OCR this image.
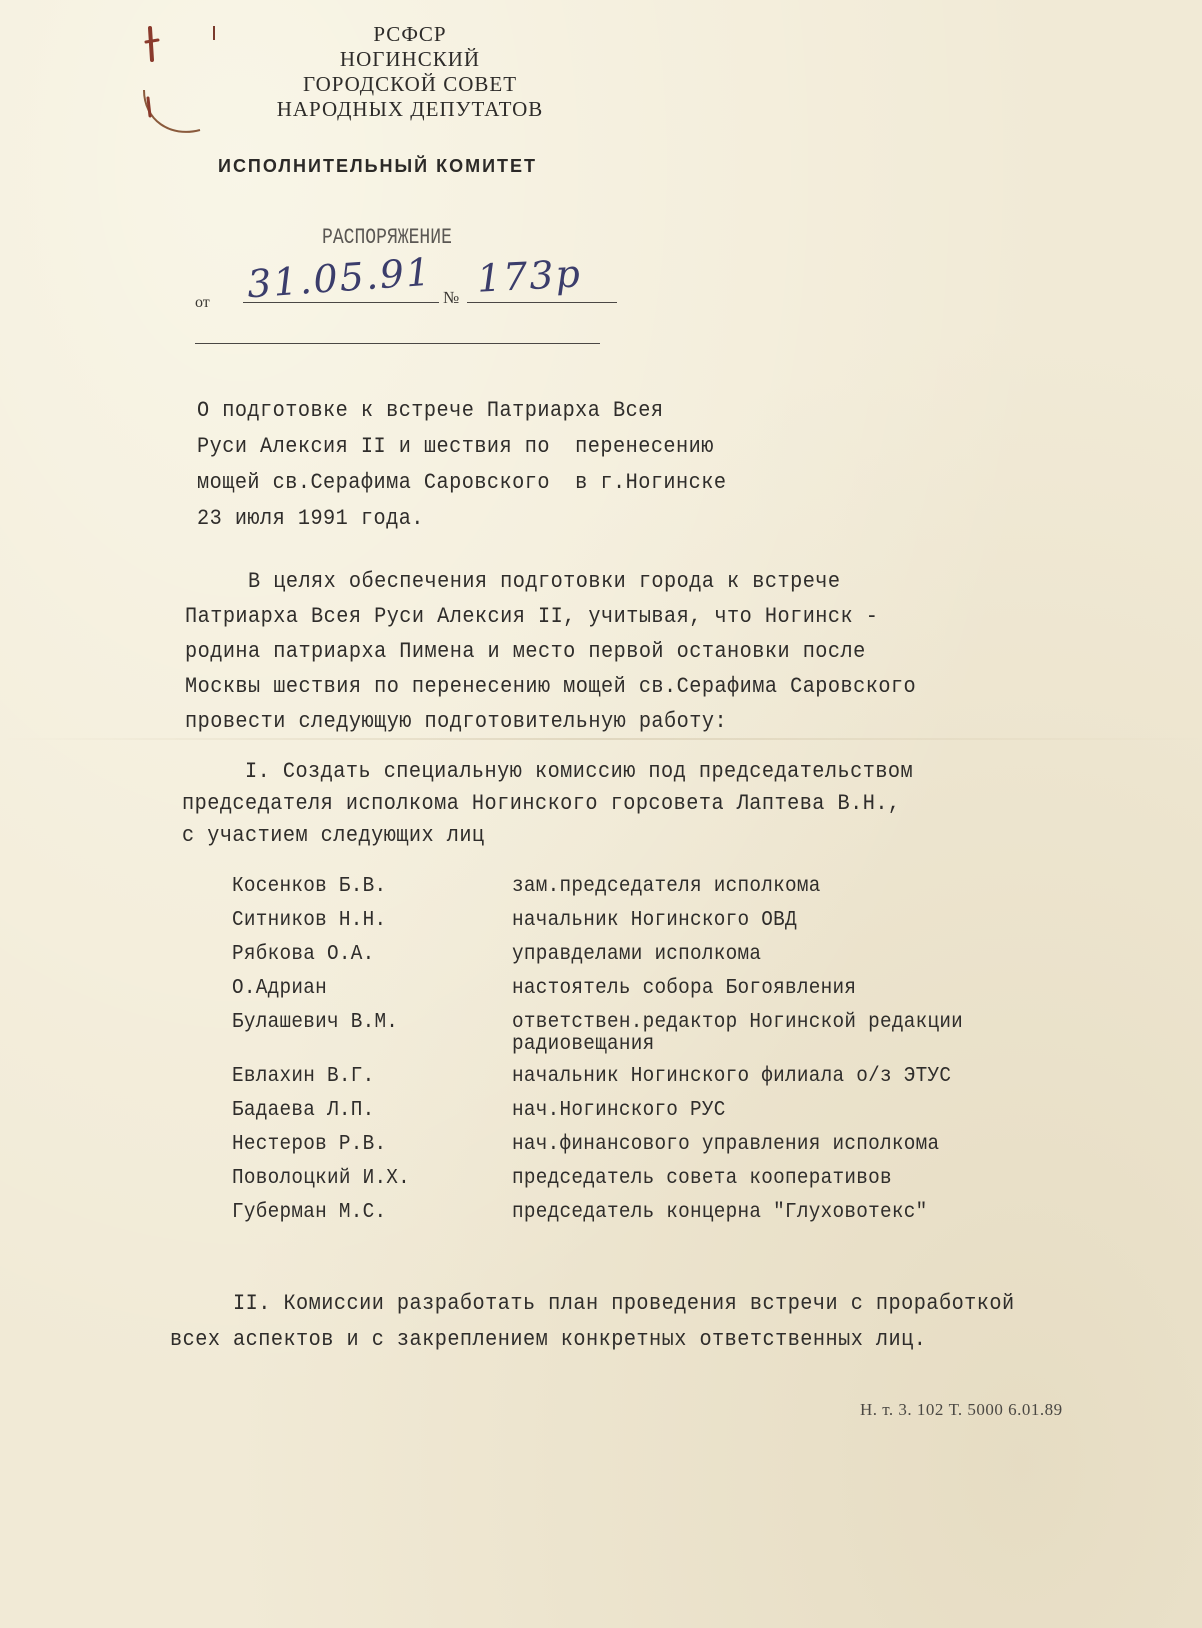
РСФСР
НОГИНСКИЙ
ГОРОДСКОЙ СОВЕТ
НАРОДНЫХ ДЕПУТАТОВ
ИСПОЛНИТЕЛЬНЫЙ КОМИТЕТ
РАСПОРЯЖЕНИЕ
от 31.05.91 № 173р
О подготовке к встрече Патриарха Всея
Руси Алексия II и шествия по  перенесению
мощей св.Серафима Саровского  в г.Ногинске
23 июля 1991 года.
В целях обеспечения подготовки города к встрече
Патриарха Всея Руси Алексия II, учитывая, что Ногинск -
родина патриарха Пимена и место первой остановки после
Москвы шествия по перенесению мощей св.Серафима Саровского
провести следующую подготовительную работу:
I. Создать специальную комиссию под председательством
председателя исполкома Ногинского горсовета Лаптева В.Н.,
с участием следующих лиц
Косенков Б.В.	зам.председателя исполкома
Ситников Н.Н.	начальник Ногинского ОВД
Рябкова О.А.	управделами исполкома
О.Адриан	настоятель собора Богоявления
Булашевич В.М.	ответствен.редактор Ногинской редакции
радиовещания
Евлахин В.Г.	начальник Ногинского филиала о/з ЭТУС
Бадаева Л.П.	нач.Ногинского РУС
Нестеров Р.В.	нач.финансового управления исполкома
Поволоцкий И.Х.	председатель совета кооперативов
Губерман М.С.	председатель концерна "Глуховотекс"
II. Комиссии разработать план проведения встречи с проработкой
всех аспектов и с закреплением конкретных ответственных лиц.
Н. т. 3. 102 Т. 5000 6.01.89
